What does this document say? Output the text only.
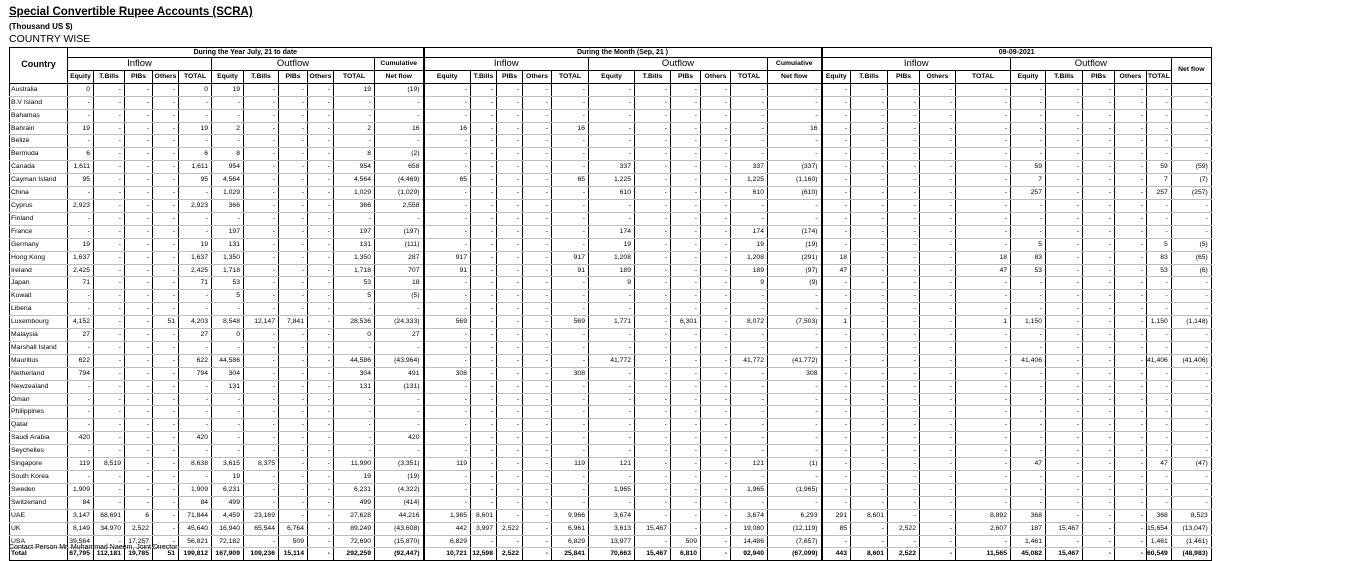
Special Convertible Rupee Accounts (SCRA)
(Thousand US $)
COUNTRY WISE
Country	During the Year July, 21 to date											During the Month (Sep, 21 )											09-09-2021										
	Inflow					Outflow					Cumulative	Inflow					Outflow					Cumulative	Inflow					Outflow					Net flow
	Equity	T.Bills	PIBs	Others	TOTAL	Equity	T.Bills	PIBs	Others	TOTAL	Net flow	Equity	T.Bills	PIBs	Others	TOTAL	Equity	T.Bills	PIBs	Others	TOTAL	Net flow	Equity	T.Bills	PIBs	Others	TOTAL	Equity	T.Bills	PIBs	Others	TOTAL	
Australia	0	-	-	-	0	19	-	-	-	19	(19)	-	-	-	-	-	-	-	-	-	-	-	-	-	-	-	-	-	-	-	-	-	-
B.V Island	-	-	-	-	-	-	-	-	-	-	-	-	-	-	-	-	-	-	-	-	-	-	-	-	-	-	-	-	-	-	-	-	-
Bahamas	-	-	-	-	-	-	-	-	-	-	-	-	-	-	-	-	-	-	-	-	-	-	-	-	-	-	-	-	-	-	-	-	-
Bahrain	19	-	-	-	19	2	-	-	-	2	16	16	-	-	-	16	-	-	-	-	-	16	-	-	-	-	-	-	-	-	-	-	-
Belize	-	-	-	-	-	-	-	-	-	-	-	-	-	-	-	-	-	-	-	-	-	-	-	-	-	-	-	-	-	-	-	-	-
Bermuda	6	-	-	-	6	8	-	-	-	8	(2)	-	-	-	-	-	-	-	-	-	-	-	-	-	-	-	-	-	-	-	-	-	-
Canada	1,611	-	-	-	1,611	954	-	-	-	954	658	-	-	-	-	-	337	-	-	-	337	(337)	-	-	-	-	-	59	-	-	-	59	(59)
Cayman Island	95	-	-	-	95	4,564	-	-	-	4,564	(4,469)	65	-	-	-	65	1,225	-	-	-	1,225	(1,160)	-	-	-	-	-	7	-	-	-	7	(7)
China	-	-	-	-	-	1,029	-	-	-	1,029	(1,029)	-	-	-	-	-	610	-	-	-	610	(610)	-	-	-	-	-	257	-	-	-	257	(257)
Cyprus	2,923	-	-	-	2,923	366	-	-	-	366	2,558	-	-	-	-	-	-	-	-	-	-	-	-	-	-	-	-	-	-	-	-	-	-
Finland	-	-	-	-	-	-	-	-	-	-	-	-	-	-	-	-	-	-	-	-	-	-	-	-	-	-	-	-	-	-	-	-	-
France	-	-	-	-	-	197	-	-	-	197	(197)	-	-	-	-	-	174	-	-	-	174	(174)	-	-	-	-	-	-	-	-	-	-	-
Germany	19	-	-	-	19	131	-	-	-	131	(111)	-	-	-	-	-	19	-	-	-	19	(19)	-	-	-	-	-	5	-	-	-	5	(5)
Hong Kong	1,637	-	-	-	1,637	1,350	-	-	-	1,350	287	917	-	-	-	917	1,208	-	-	-	1,208	(291)	18	-	-	-	18	83	-	-	-	83	(65)
Ireland	2,425	-	-	-	2,425	1,718	-	-	-	1,718	707	91	-	-	-	91	189	-	-	-	189	(97)	47	-	-	-	47	53	-	-	-	53	(6)
Japan	71	-	-	-	71	53	-	-	-	53	18	-	-	-	-	-	9	-	-	-	9	(9)	-	-	-	-	-	-	-	-	-	-	-
Kuwait	-	-	-	-	-	5	-	-	-	5	(5)	-	-	-	-	-	-	-	-	-	-	-	-	-	-	-	-	-	-	-	-	-	-
Liberia	-	-	-	-	-	-	-	-	-	-	-	-	-	-	-	-	-	-	-	-	-	-	-	-	-	-	-	-	-	-	-	-	-
Luxembourg	4,152	-	-	51	4,203	8,548	12,147	7,841	-	28,536	(24,333)	569	-	-	-	569	1,771	-	6,301	-	8,072	(7,503)	1	-	-	-	1	1,150	-	-	-	1,150	(1,148)
Malaysia	27	-	-	-	27	0	-	-	-	0	27	-	-	-	-	-	-	-	-	-	-	-	-	-	-	-	-	-	-	-	-	-	-
Marshall Island	-	-	-	-	-	-	-	-	-	-	-	-	-	-	-	-	-	-	-	-	-	-	-	-	-	-	-	-	-	-	-	-	-
Mauritius	622	-	-	-	622	44,586	-	-	-	44,586	(43,964)	-	-	-	-	-	41,772	-	-	-	41,772	(41,772)	-	-	-	-	-	41,406	-	-	-	41,406	(41,406)
Netherland	794	-	-	-	794	304	-	-	-	304	491	308	-	-	-	308	-	-	-	-	-	308	-	-	-	-	-	-	-	-	-	-	-
Newzealand	-	-	-	-	-	131	-	-	-	131	(131)	-	-	-	-	-	-	-	-	-	-	-	-	-	-	-	-	-	-	-	-	-	-
Oman	-	-	-	-	-	-	-	-	-	-	-	-	-	-	-	-	-	-	-	-	-	-	-	-	-	-	-	-	-	-	-	-	-
Philippines	-	-	-	-	-	-	-	-	-	-	-	-	-	-	-	-	-	-	-	-	-	-	-	-	-	-	-	-	-	-	-	-	-
Qatar	-	-	-	-	-	-	-	-	-	-	-	-	-	-	-	-	-	-	-	-	-	-	-	-	-	-	-	-	-	-	-	-	-
Saudi Arabia	420	-	-	-	420	-	-	-	-	-	420	-	-	-	-	-	-	-	-	-	-	-	-	-	-	-	-	-	-	-	-	-	-
Seychelles	-	-	-	-	-	-	-	-	-	-	-	-	-	-	-	-	-	-	-	-	-	-	-	-	-	-	-	-	-	-	-	-	-
Singapore	119	8,519	-	-	8,638	3,615	8,375	-	-	11,990	(3,351)	119	-	-	-	119	121	-	-	-	121	(1)	-	-	-	-	-	47	-	-	-	47	(47)
South Korea	-	-	-	-	-	19	-	-	-	19	(19)	-	-	-	-	-	-	-	-	-	-	-	-	-	-	-	-	-	-	-	-	-	-
Sweden	1,909	-	-	-	1,909	6,231	-	-	-	6,231	(4,322)	-	-	-	-	-	1,965	-	-	-	1,965	(1,965)	-	-	-	-	-	-	-	-	-	-	-
Switzerland	84	-	-	-	84	499	-	-	-	499	(414)	-	-	-	-	-	-	-	-	-	-	-	-	-	-	-	-	-	-	-	-	-	-
UAE	3,147	68,691	6	-	71,844	4,459	23,169	-	-	27,628	44,216	1,365	8,601	-	-	9,966	3,674	-	-	-	3,674	6,293	291	8,601	-	-	8,892	368	-	-	-	368	8,523
UK	8,149	34,970	2,522	-	45,640	16,940	65,544	6,764	-	89,249	(43,608)	442	3,997	2,522	-	6,961	3,613	15,467	-	-	19,080	(12,119)	85	-	2,522	-	2,607	187	15,467	-	-	15,654	(13,047)
USA	39,564	-	17,257	-	56,821	72,182	-	509	-	72,690	(15,870)	6,829	-	-	-	6,829	13,977	-	509	-	14,486	(7,657)	-	-	-	-	-	1,461	-	-	-	1,461	(1,461)
Total	67,795	112,181	19,785	51	199,812	167,909	109,236	15,114	-	292,259	(92,447)	10,721	12,598	2,522	-	25,841	70,663	15,467	6,810	-	92,940	(67,099)	443	8,601	2,522	-	11,565	45,082	15,467	-	-	60,549	(48,983)
Contact Person Mr. Muhammad Naeem, Joint Director
